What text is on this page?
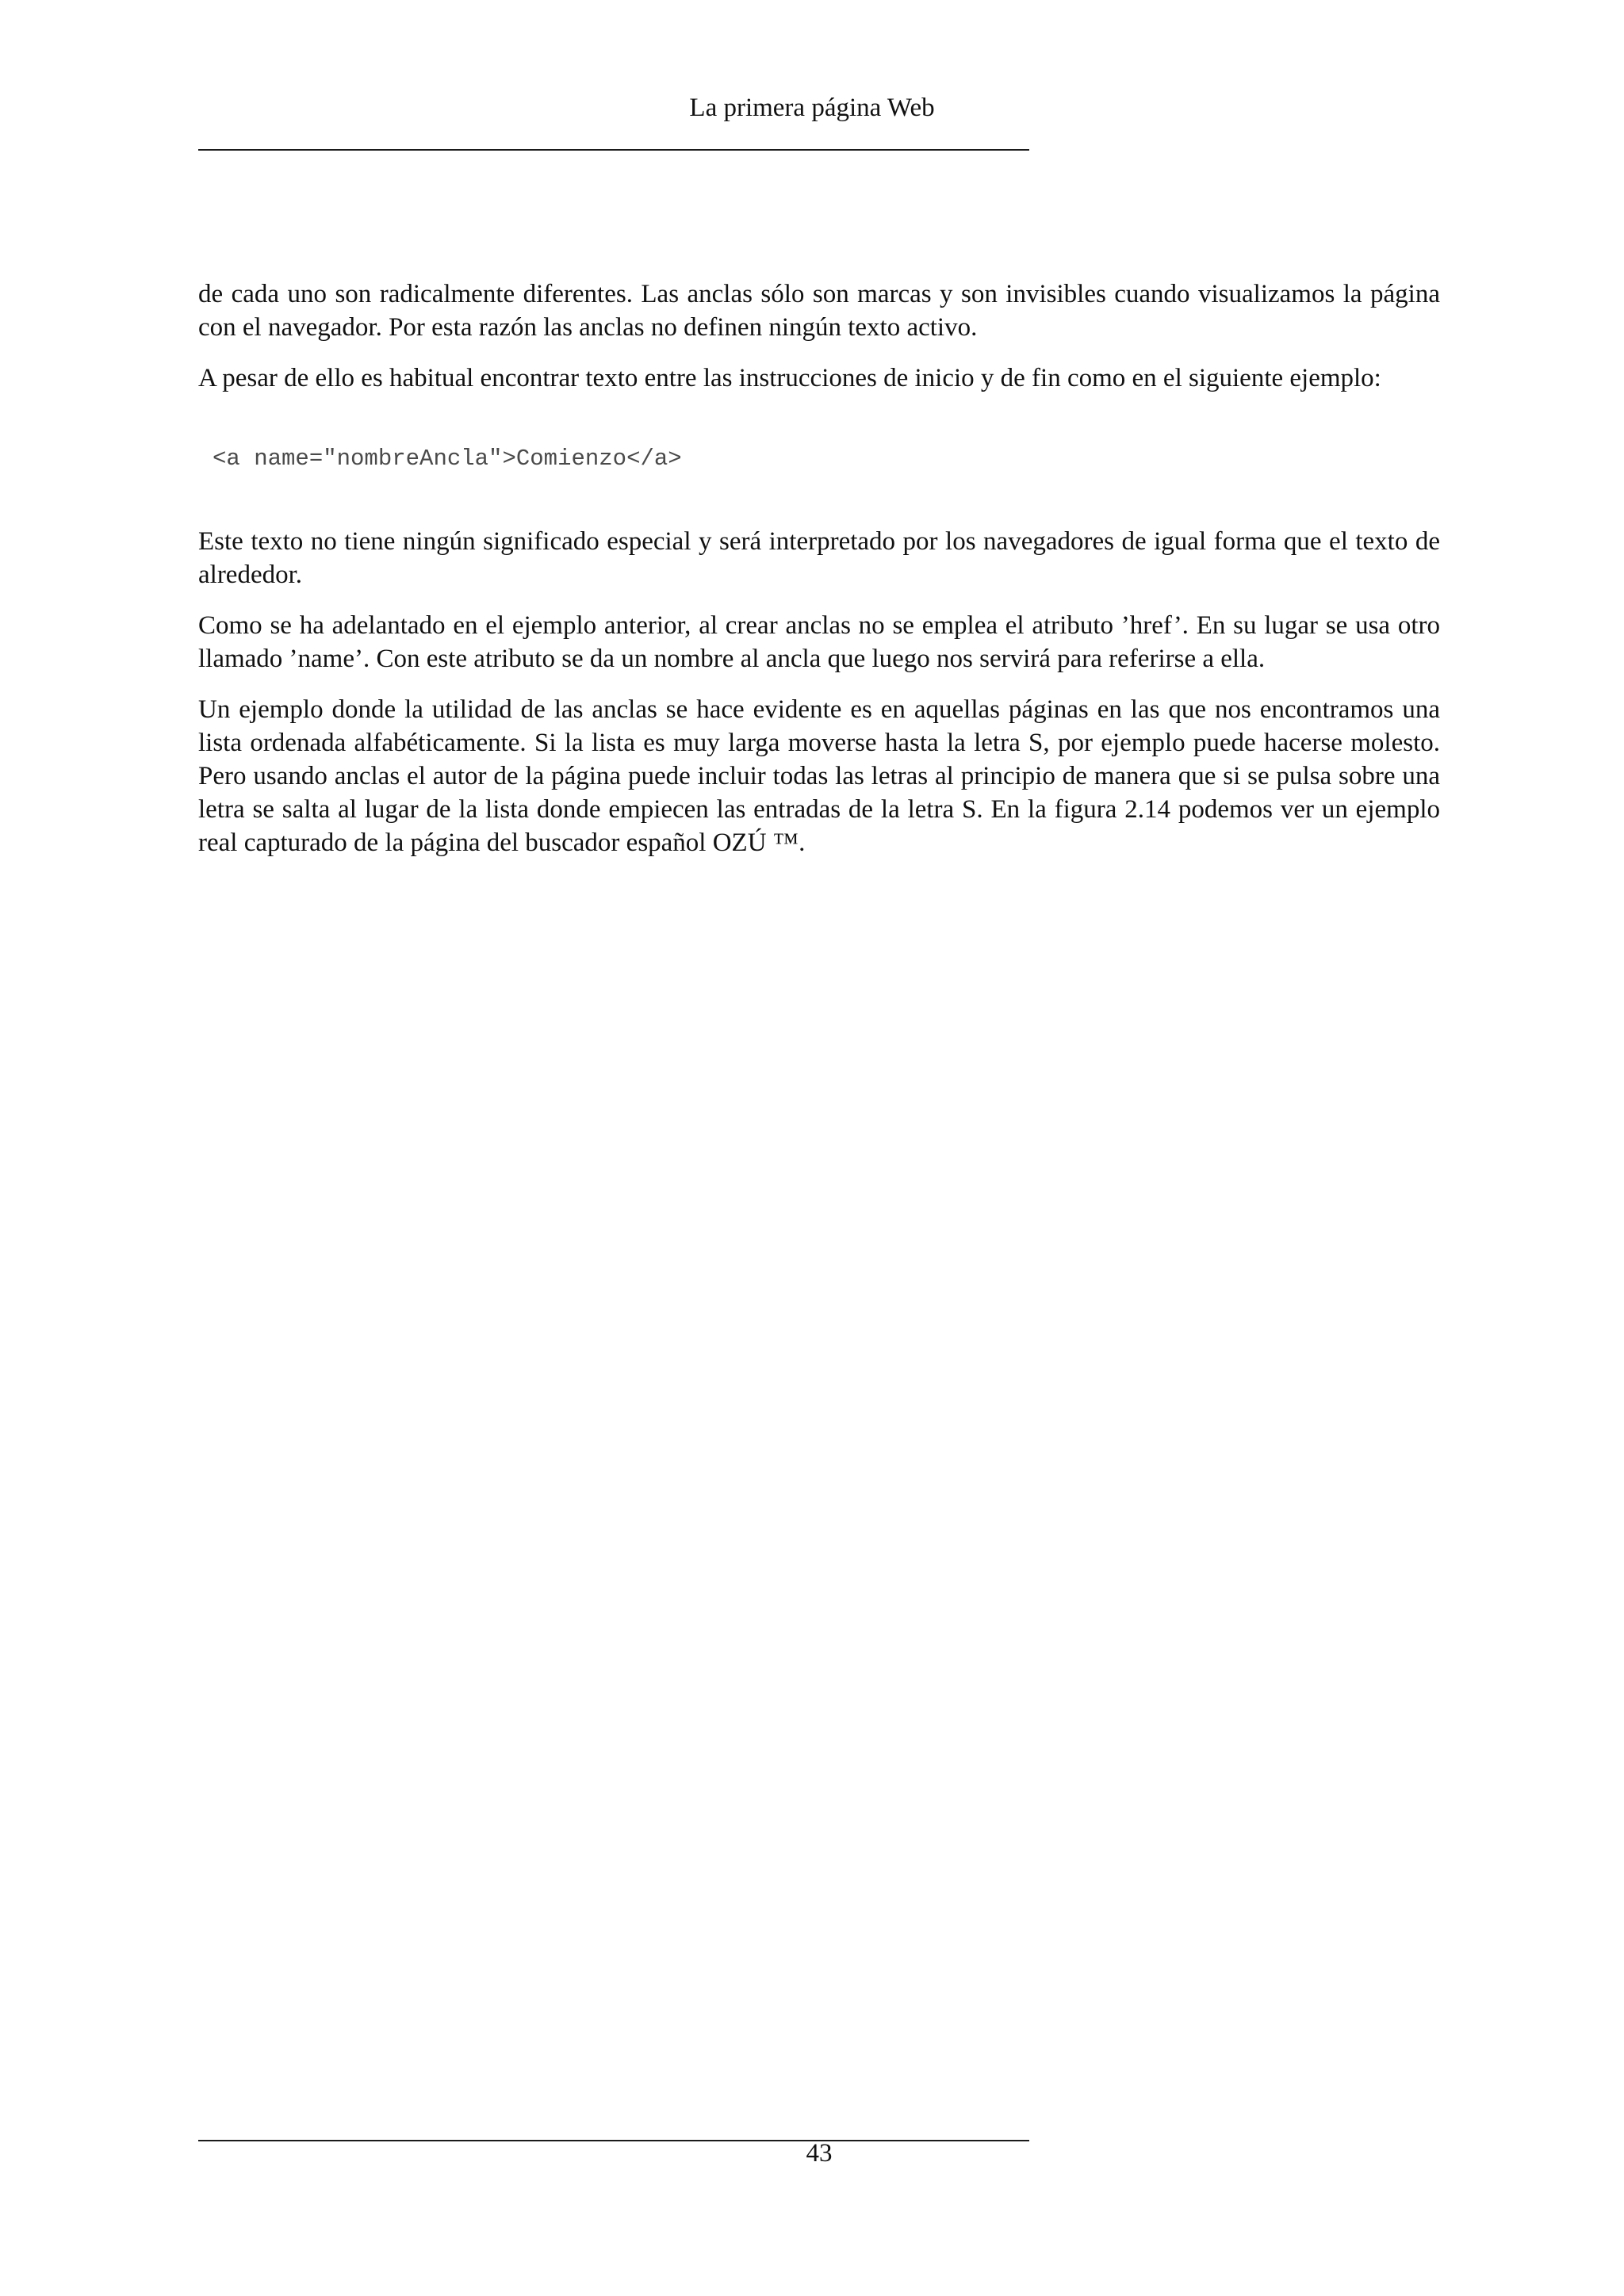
La primera página Web

de cada uno son radicalmente diferentes. Las anclas sólo son marcas y son invisibles cuando visualizamos la página con el navegador. Por esta razón las anclas no definen ningún texto activo.

A pesar de ello es habitual encontrar texto entre las instrucciones de inicio y de fin como en el siguiente ejemplo:

<a name="nombreAncla">Comienzo</a>

Este texto no tiene ningún significado especial y será interpretado por los navegadores de igual forma que el texto de alrededor.

Como se ha adelantado en el ejemplo anterior, al crear anclas no se emplea el atributo ’href’. En su lugar se usa otro llamado ’name’. Con este atributo se da un nombre al ancla que luego nos servirá para referirse a ella.

Un ejemplo donde la utilidad de las anclas se hace evidente es en aquellas páginas en las que nos encontramos una lista ordenada alfabéticamente. Si la lista es muy larga moverse hasta la letra S, por ejemplo puede hacerse molesto. Pero usando anclas el autor de la página puede incluir todas las letras al principio de manera que si se pulsa sobre una letra se salta al lugar de la lista donde empiecen las entradas de la letra S. En la figura 2.14 podemos ver un ejemplo real capturado de la página del buscador español OZÚ ™.

43
